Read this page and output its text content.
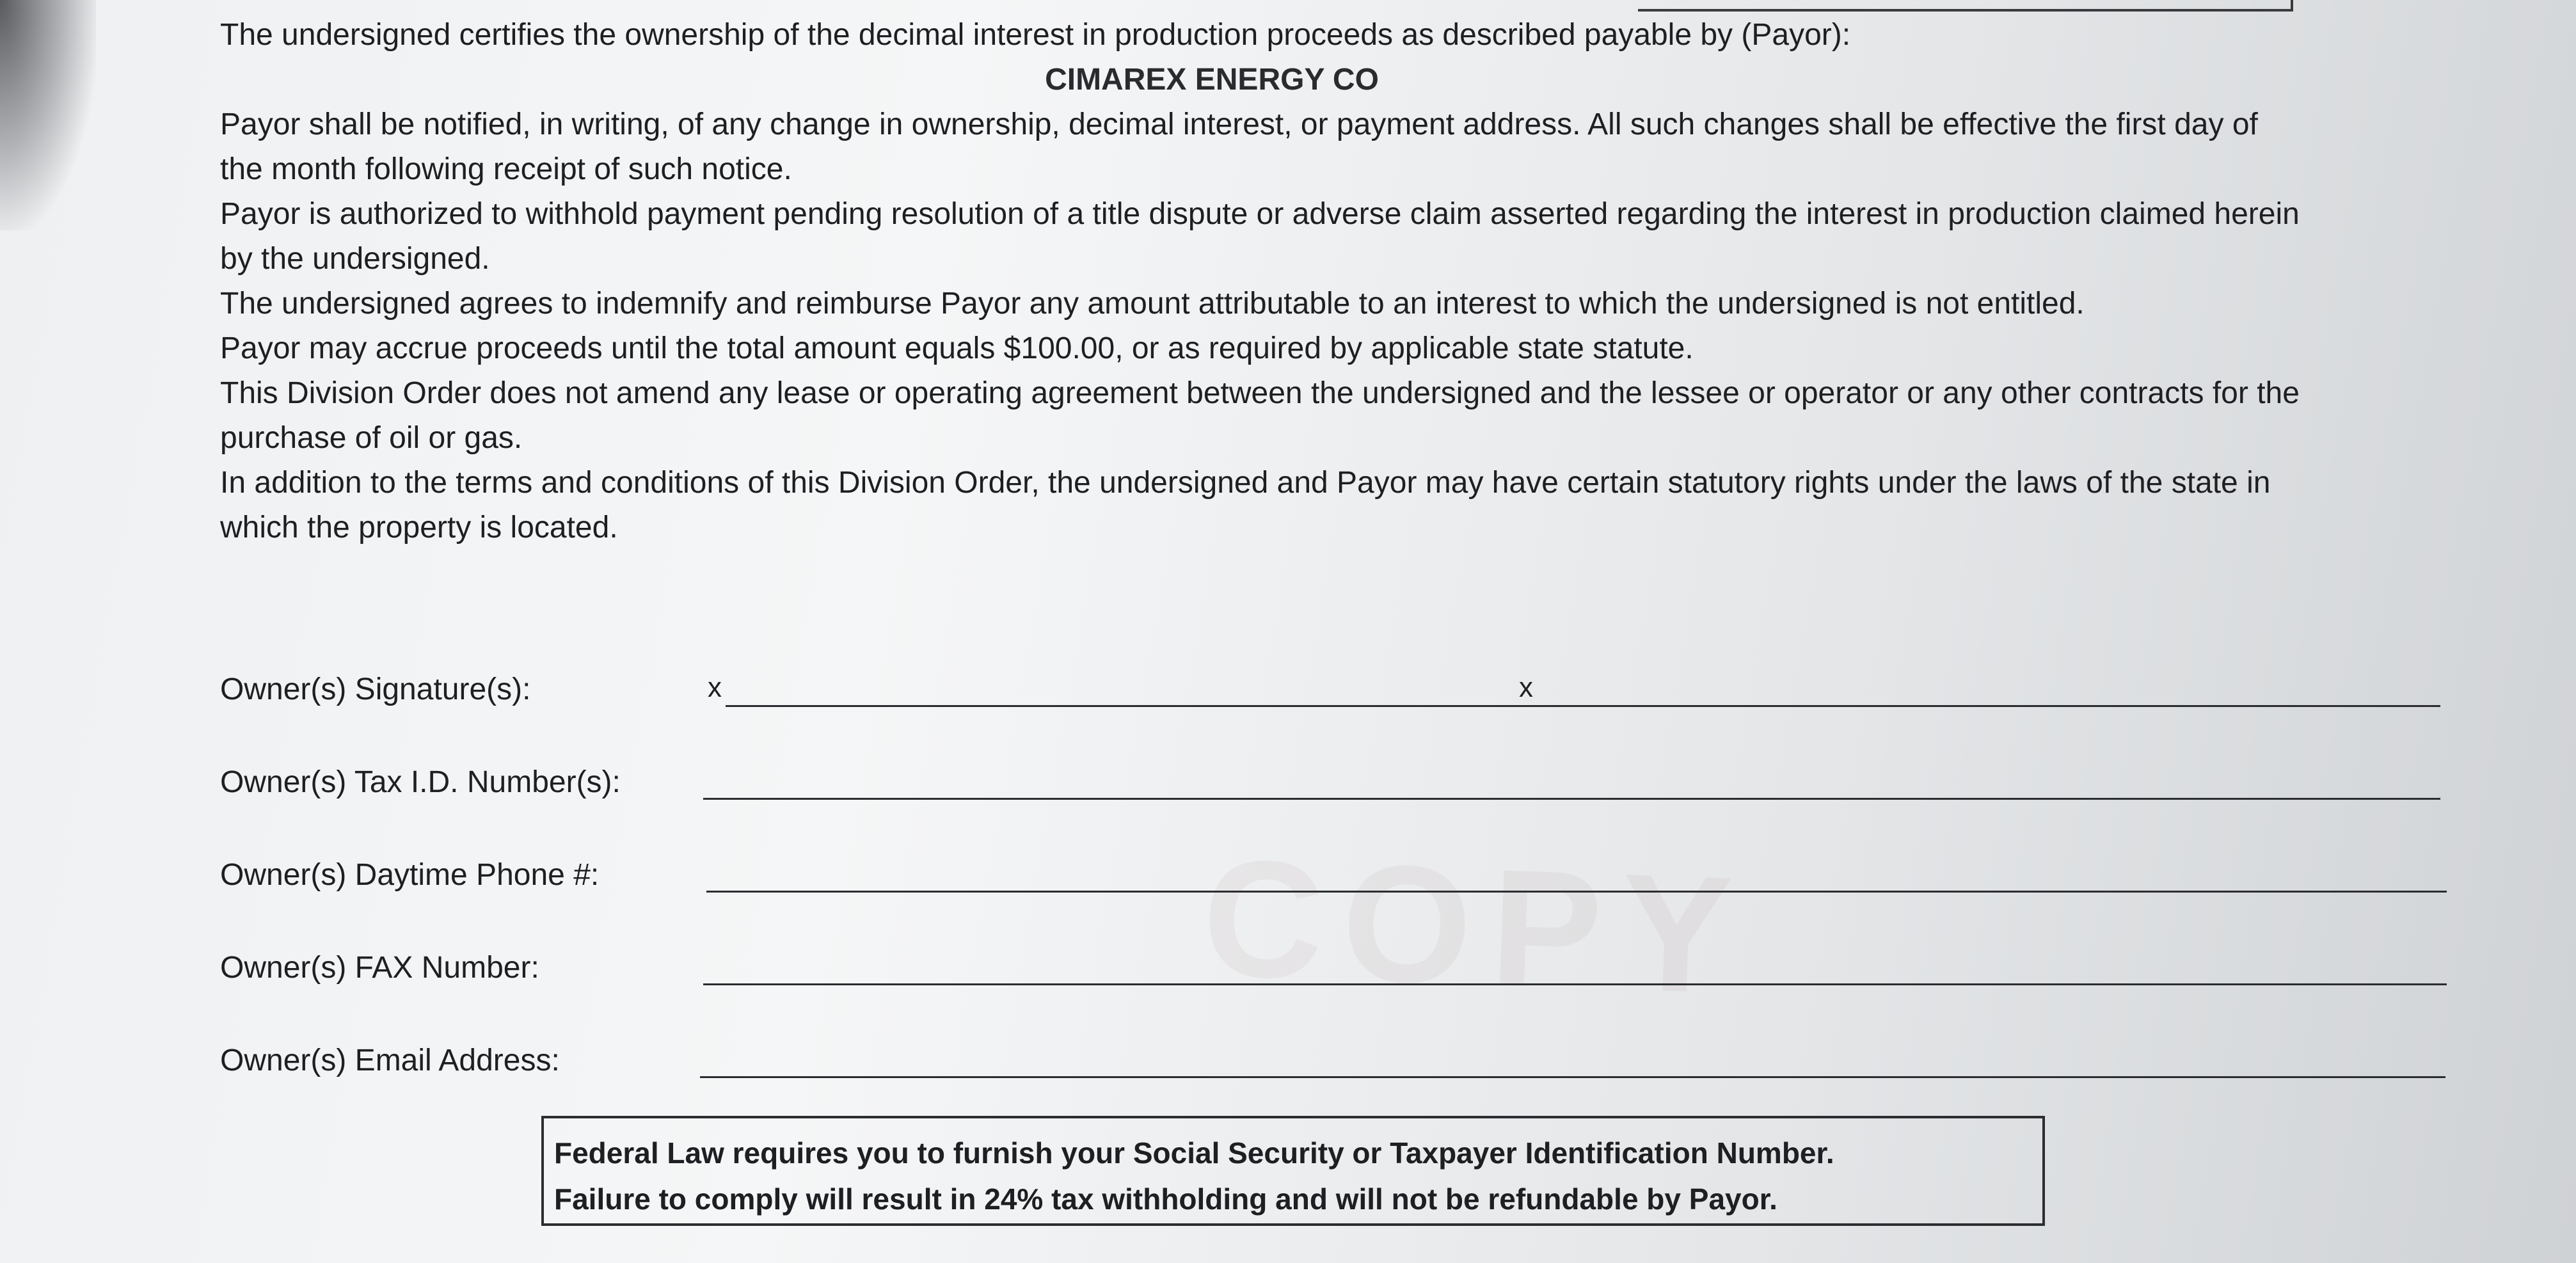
COPY

The undersigned certifies the ownership of the decimal interest in production proceeds as described payable by (Payor):

CIMAREX ENERGY CO

Payor shall be notified, in writing, of any change in ownership, decimal interest, or payment address. All such changes shall be effective the first day of the month following receipt of such notice.

Payor is authorized to withhold payment pending resolution of a title dispute or adverse claim asserted regarding the interest in production claimed herein by the undersigned.

The undersigned agrees to indemnify and reimburse Payor any amount attributable to an interest to which the undersigned is not entitled.

Payor may accrue proceeds until the total amount equals $100.00, or as required by applicable state statute.

This Division Order does not amend any lease or operating agreement between the undersigned and the lessee or operator or any other contracts for the purchase of oil or gas.

In addition to the terms and conditions of this Division Order, the undersigned and Payor may have certain statutory rights under the laws of the state in which the property is located.

Owner(s) Signature(s):	x	x
Owner(s) Tax I.D. Number(s):
Owner(s) Daytime Phone #:
Owner(s) FAX Number:
Owner(s) Email Address:

Federal Law requires you to furnish your Social Security or Taxpayer Identification Number.

Failure to comply will result in 24% tax withholding and will not be refundable by Payor.
